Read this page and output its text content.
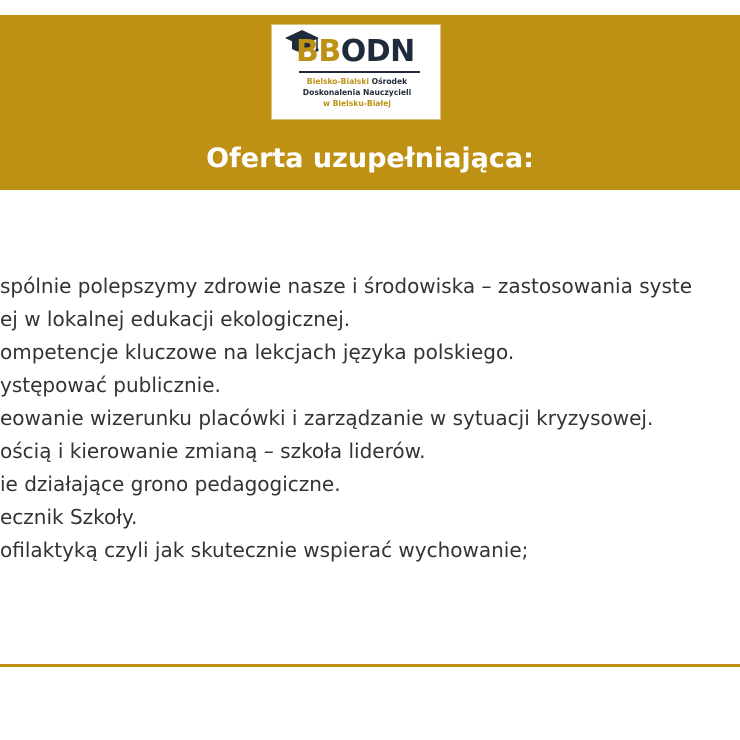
BBODN
Bielsko-Bialski Ośrodek
Doskonalenia Nauczycieli
w Bielsku-Białej
Oferta uzupełniająca:
spólnie polepszymy zdrowie nasze i środowiska – zastosowania syste
ej w lokalnej edukacji ekologicznej.
ompetencje kluczowe na lekcjach języka polskiego.
ystępować publicznie.
eowanie wizerunku placówki i zarządzanie w sytuacji kryzysowej.
ością i kierowanie zmianą – szkoła liderów.
ie działające grono pedagogiczne.
ecznik Szkoły.
ofilaktyką czyli jak skutecznie wspierać wychowanie;
